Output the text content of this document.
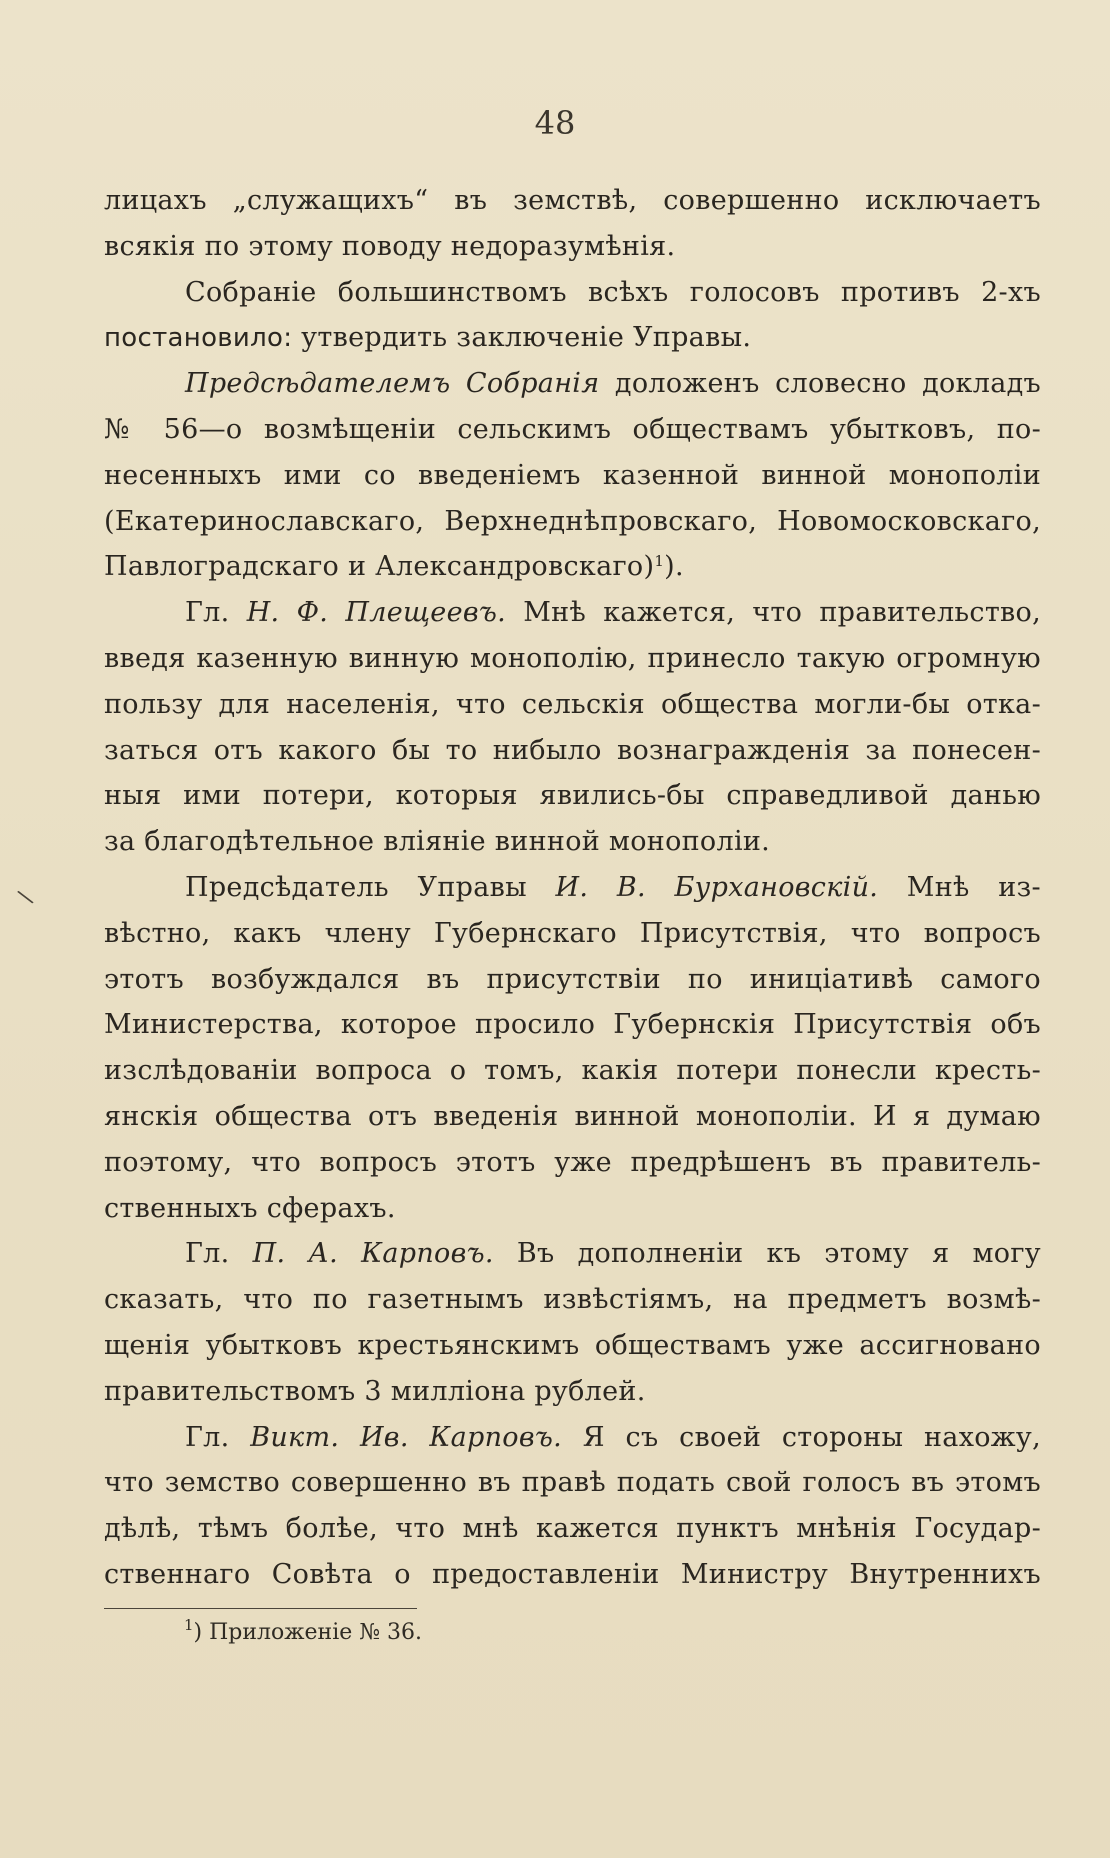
48
\
лицахъ „служащихъ“ въ земствѣ, совершенно исключаетъ
всякія по этому поводу недоразумѣнія.
Собраніе большинствомъ всѣхъ голосовъ противъ 2-хъ
постановило: утвердить заключеніе Управы.
Предсѣдателемъ Собранія доложенъ словесно докладъ
№ 56—о возмѣщеніи сельскимъ обществамъ убытковъ, по-
несенныхъ ими со введеніемъ казенной винной монополіи
(Екатеринославскаго, Верхнеднѣпровскаго, Новомосковскаго,
Павлоградскаго и Александровскаго)$^1$).
Гл. Н. Ф. Плещеевъ. Мнѣ кажется, что правительство,
введя казенную винную монополію, принесло такую огромную
пользу для населенія, что сельскія общества могли-бы отка-
заться отъ какого бы то нибыло вознагражденія за понесен-
ныя ими потери, которыя явились-бы справедливой данью
за благодѣтельное вліяніе винной монополіи.
Предсѣдатель Управы И. В. Бурхановскій. Мнѣ из-
вѣстно, какъ члену Губернскаго Присутствія, что вопросъ
этотъ возбуждался въ присутствіи по иниціативѣ самого
Министерства, которое просило Губернскія Присутствія объ
изслѣдованіи вопроса о томъ, какія потери понесли кресть-
янскія общества отъ введенія винной монополіи. И я думаю
поэтому, что вопросъ этотъ уже предрѣшенъ въ правитель-
ственныхъ сферахъ.
Гл. П. А. Карповъ. Въ дополненіи къ этому я могу
сказать, что по газетнымъ извѣстіямъ, на предметъ возмѣ-
щенія убытковъ крестьянскимъ обществамъ уже ассигновано
правительствомъ 3 милліона рублей.
Гл. Викт. Ив. Карповъ. Я съ своей стороны нахожу,
что земство совершенно въ правѣ подать свой голосъ въ этомъ
дѣлѣ, тѣмъ болѣе, что мнѣ кажется пунктъ мнѣнія Государ-
ственнаго Совѣта о предоставленіи Министру Внутреннихъ
$^1$) Приложеніе № 36.
